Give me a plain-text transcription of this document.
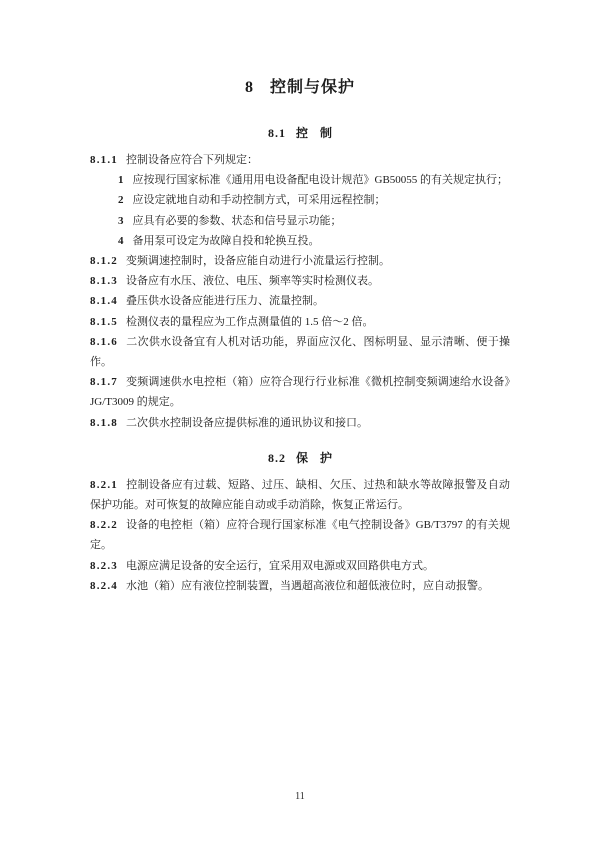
8 控制与保护
8.1 控　制

8.1.1 控制设备应符合下列规定：

1 应按现行国家标准《通用用电设备配电设计规范》GB50055 的有关规定执行；

2 应设定就地自动和手动控制方式，可采用远程控制；

3 应具有必要的参数、状态和信号显示功能；

4 备用泵可设定为故障自投和轮换互投。

8.1.2 变频调速控制时，设备应能自动进行小流量运行控制。

8.1.3 设备应有水压、液位、电压、频率等实时检测仪表。

8.1.4 叠压供水设备应能进行压力、流量控制。

8.1.5 检测仪表的量程应为工作点测量值的 1.5 倍～2 倍。

8.1.6 二次供水设备宜有人机对话功能，界面应汉化、图标明显、显示清晰、便于操作。

8.1.7 变频调速供水电控柜（箱）应符合现行行业标准《微机控制变频调速给水设备》JG/T3009 的规定。

8.1.8 二次供水控制设备应提供标准的通讯协议和接口。

8.2 保　护

8.2.1 控制设备应有过载、短路、过压、缺相、欠压、过热和缺水等故障报警及自动保护功能。对可恢复的故障应能自动或手动消除，恢复正常运行。

8.2.2 设备的电控柜（箱）应符合现行国家标准《电气控制设备》GB/T3797 的有关规定。

8.2.3 电源应满足设备的安全运行，宜采用双电源或双回路供电方式。

8.2.4 水池（箱）应有液位控制装置，当遇超高液位和超低液位时，应自动报警。

11
